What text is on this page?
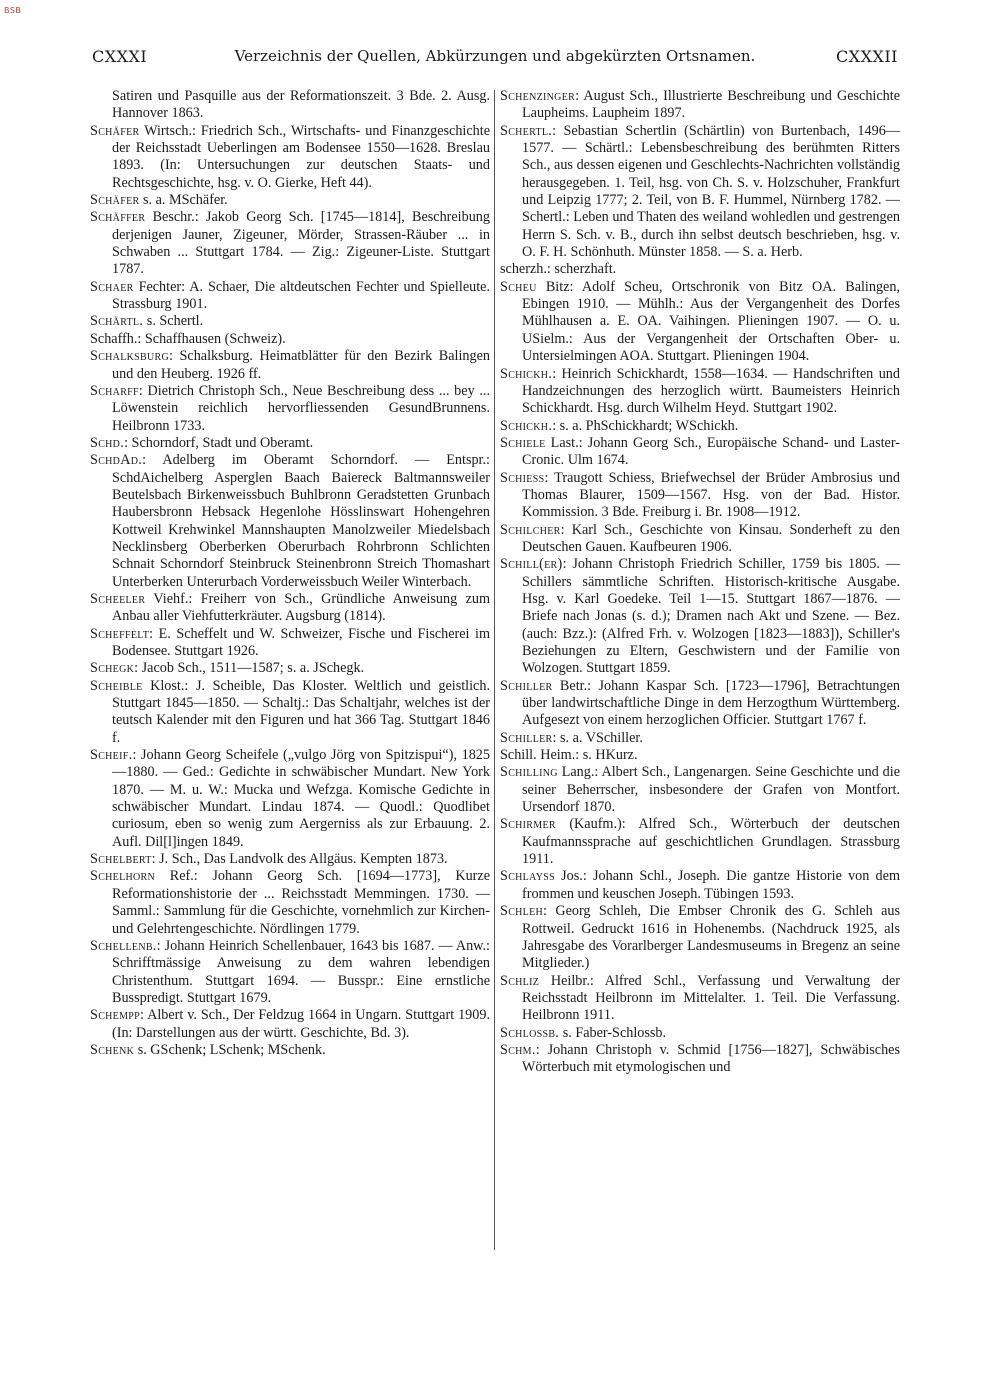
BSB
CXXXI	Verzeichnis der Quellen, Abkürzungen und abgekürzten Ortsnamen.	CXXXII

Satiren und Pasquille aus der Reformationszeit. 3 Bde. 2. Ausg. Hannover 1863.

Schäfer Wirtsch.: Friedrich Sch., Wirtschafts- und Finanzgeschichte der Reichsstadt Ueberlingen am Bodensee 1550—1628. Breslau 1893. (In: Untersuchungen zur deutschen Staats- und Rechtsgeschichte, hsg. v. O. Gierke, Heft 44).

Schäfer s. a. MSchäfer.

Schäffer Beschr.: Jakob Georg Sch. [1745—1814], Beschreibung derjenigen Jauner, Zigeuner, Mörder, Strassen-Räuber ... in Schwaben ... Stuttgart 1784. — Zig.: Zigeuner-Liste. Stuttgart 1787.

Schaer Fechter: A. Schaer, Die altdeutschen Fechter und Spielleute. Strassburg 1901.

Schärtl. s. Schertl.

Schaffh.: Schaffhausen (Schweiz).

Schalksburg: Schalksburg. Heimatblätter für den Bezirk Balingen und den Heuberg. 1926 ff.

Scharff: Dietrich Christoph Sch., Neue Beschreibung dess ... bey ... Löwenstein reichlich hervorfliessenden GesundBrunnens. Heilbronn 1733.

Schd.: Schorndorf, Stadt und Oberamt.

SchdAd.: Adelberg im Oberamt Schorndorf. — Entspr.: SchdAichelberg Asperglen Baach Baiereck Baltmannsweiler Beutelsbach Birkenweissbuch Buhlbronn Geradstetten Grunbach Haubersbronn Hebsack Hegenlohe Hösslinswart Hohengehren Kottweil Krehwinkel Mannshaupten Manolzweiler Miedelsbach Necklinsberg Oberberken Oberurbach Rohrbronn Schlichten Schnait Schorndorf Steinbruck Steinenbronn Streich Thomashart Unterberken Unterurbach Vorderweissbuch Weiler Winterbach.

Scheeler Viehf.: Freiherr von Sch., Gründliche Anweisung zum Anbau aller Viehfutterkräuter. Augsburg (1814).

Scheffelt: E. Scheffelt und W. Schweizer, Fische und Fischerei im Bodensee. Stuttgart 1926.

Schegk: Jacob Sch., 1511—1587; s. a. JSchegk.

Scheible Klost.: J. Scheible, Das Kloster. Weltlich und geistlich. Stuttgart 1845—1850. — Schaltj.: Das Schaltjahr, welches ist der teutsch Kalender mit den Figuren und hat 366 Tag. Stuttgart 1846 f.

Scheif.: Johann Georg Scheifele („vulgo Jörg von Spitzispui“), 1825—1880. — Ged.: Gedichte in schwäbischer Mundart. New York 1870. — M. u. W.: Mucka und Wefzga. Komische Gedichte in schwäbischer Mundart. Lindau 1874. — Quodl.: Quodlibet curiosum, eben so wenig zum Aergerniss als zur Erbauung. 2. Aufl. Dil[l]ingen 1849.

Schelbert: J. Sch., Das Landvolk des Allgäus. Kempten 1873.

Schelhorn Ref.: Johann Georg Sch. [1694—1773], Kurze Reformationshistorie der ... Reichsstadt Memmingen. 1730. — Samml.: Sammlung für die Geschichte, vornehmlich zur Kirchen- und Gelehrtengeschichte. Nördlingen 1779.

Schellenb.: Johann Heinrich Schellenbauer, 1643 bis 1687. — Anw.: Schrifftmässige Anweisung zu dem wahren lebendigen Christenthum. Stuttgart 1694. — Busspr.: Eine ernstliche Busspredigt. Stuttgart 1679.

Schempp: Albert v. Sch., Der Feldzug 1664 in Ungarn. Stuttgart 1909. (In: Darstellungen aus der württ. Geschichte, Bd. 3).

Schenk s. GSchenk; LSchenk; MSchenk.

Schenzinger: August Sch., Illustrierte Beschreibung und Geschichte Laupheims. Laupheim 1897.

Schertl.: Sebastian Schertlin (Schärtlin) von Burtenbach, 1496—1577. — Schärtl.: Lebensbeschreibung des berühmten Ritters Sch., aus dessen eigenen und Geschlechts-Nachrichten vollständig herausgegeben. 1. Teil, hsg. von Ch. S. v. Holzschuher, Frankfurt und Leipzig 1777; 2. Teil, von B. F. Hummel, Nürnberg 1782. — Schertl.: Leben und Thaten des weiland wohledlen und gestrengen Herrn S. Sch. v. B., durch ihn selbst deutsch beschrieben, hsg. v. O. F. H. Schönhuth. Münster 1858. — S. a. Herb.

scherzh.: scherzhaft.

Scheu Bitz: Adolf Scheu, Ortschronik von Bitz OA. Balingen, Ebingen 1910. — Mühlh.: Aus der Vergangenheit des Dorfes Mühlhausen a. E. OA. Vaihingen. Plieningen 1907. — O. u. USielm.: Aus der Vergangenheit der Ortschaften Ober- u. Untersielmingen AOA. Stuttgart. Plieningen 1904.

Schickh.: Heinrich Schickhardt, 1558—1634. — Handschriften und Handzeichnungen des herzoglich württ. Baumeisters Heinrich Schickhardt. Hsg. durch Wilhelm Heyd. Stuttgart 1902.

Schickh.: s. a. PhSchickhardt; WSchickh.

Schiele Last.: Johann Georg Sch., Europäische Schand- und Laster-Cronic. Ulm 1674.

Schiess: Traugott Schiess, Briefwechsel der Brüder Ambrosius und Thomas Blaurer, 1509—1567. Hsg. von der Bad. Histor. Kommission. 3 Bde. Freiburg i. Br. 1908—1912.

Schilcher: Karl Sch., Geschichte von Kinsau. Sonderheft zu den Deutschen Gauen. Kaufbeuren 1906.

Schill(er): Johann Christoph Friedrich Schiller, 1759 bis 1805. — Schillers sämmtliche Schriften. Historisch-kritische Ausgabe. Hsg. v. Karl Goedeke. Teil 1—15. Stuttgart 1867—1876. — Briefe nach Jonas (s. d.); Dramen nach Akt und Szene. — Bez. (auch: Bzz.): (Alfred Frh. v. Wolzogen [1823—1883]), Schiller's Beziehungen zu Eltern, Geschwistern und der Familie von Wolzogen. Stuttgart 1859.

Schiller Betr.: Johann Kaspar Sch. [1723—1796], Betrachtungen über landwirtschaftliche Dinge in dem Herzogthum Württemberg. Aufgesezt von einem herzoglichen Officier. Stuttgart 1767 f.

Schiller: s. a. VSchiller.

Schill. Heim.: s. HKurz.

Schilling Lang.: Albert Sch., Langenargen. Seine Geschichte und die seiner Beherrscher, insbesondere der Grafen von Montfort. Ursendorf 1870.

Schirmer (Kaufm.): Alfred Sch., Wörterbuch der deutschen Kaufmannssprache auf geschichtlichen Grundlagen. Strassburg 1911.

Schlayss Jos.: Johann Schl., Joseph. Die gantze Historie von dem frommen und keuschen Joseph. Tübingen 1593.

Schleh: Georg Schleh, Die Embser Chronik des G. Schleh aus Rottweil. Gedruckt 1616 in Hohenembs. (Nachdruck 1925, als Jahresgabe des Vorarlberger Landesmuseums in Bregenz an seine Mitglieder.)

Schliz Heilbr.: Alfred Schl., Verfassung und Verwaltung der Reichsstadt Heilbronn im Mittelalter. 1. Teil. Die Verfassung. Heilbronn 1911.

Schlossb. s. Faber-Schlossb.

Schm.: Johann Christoph v. Schmid [1756—1827], Schwäbisches Wörterbuch mit etymologischen und
